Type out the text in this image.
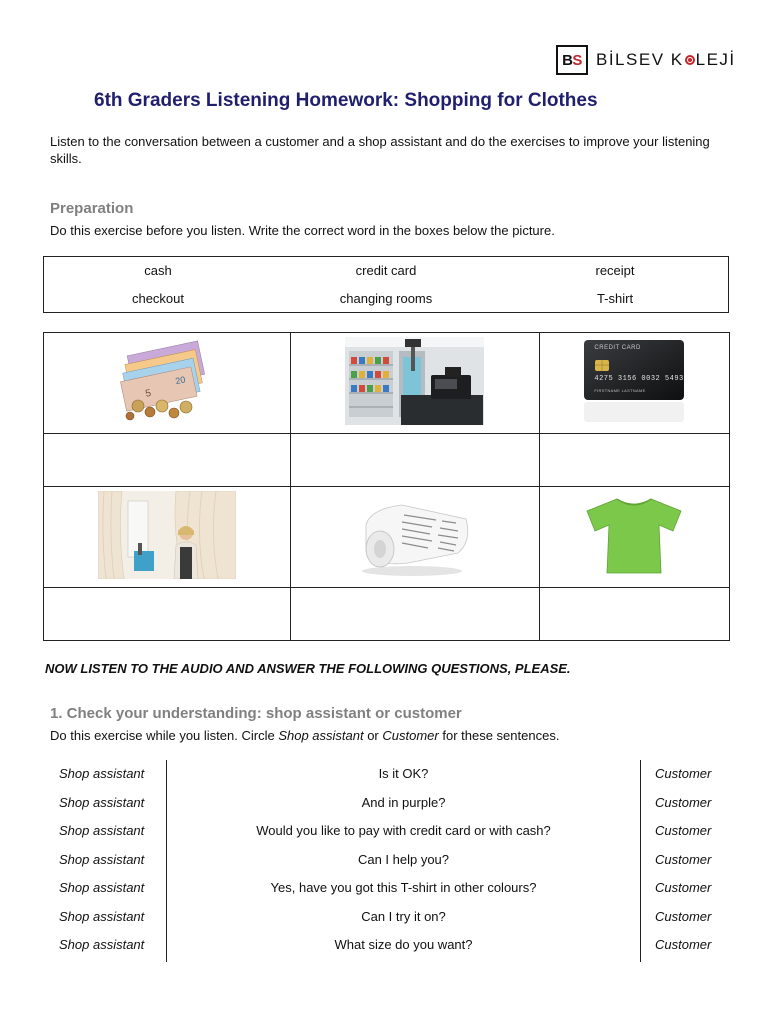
B S BİLSEV K LEJİ
6th Graders Listening Homework: Shopping for Clothes
Listen to the conversation between a customer and a shop assistant and do the exercises to improve your listening skills.
Preparation
Do this exercise before you listen. Write the correct word in the boxes below the picture.
cash	credit card	receipt
checkout	changing rooms	T-shirt
20
5		CREDIT CARD
4275 3156 0032 5493
FIRSTNAME LASTNAME

NOW LISTEN TO THE AUDIO AND ANSWER THE FOLLOWING QUESTIONS, PLEASE.
1. Check your understanding: shop assistant or customer
Do this exercise while you listen. Circle Shop assistant or Customer for these sentences.
Shop assistant	Is it OK?	Customer
Shop assistant	And in purple?	Customer
Shop assistant	Would you like to pay with credit card or with cash?	Customer
Shop assistant	Can I help you?	Customer
Shop assistant	Yes, have you got this T-shirt in other colours?	Customer
Shop assistant	Can I try it on?	Customer
Shop assistant	What size do you want?	Customer
